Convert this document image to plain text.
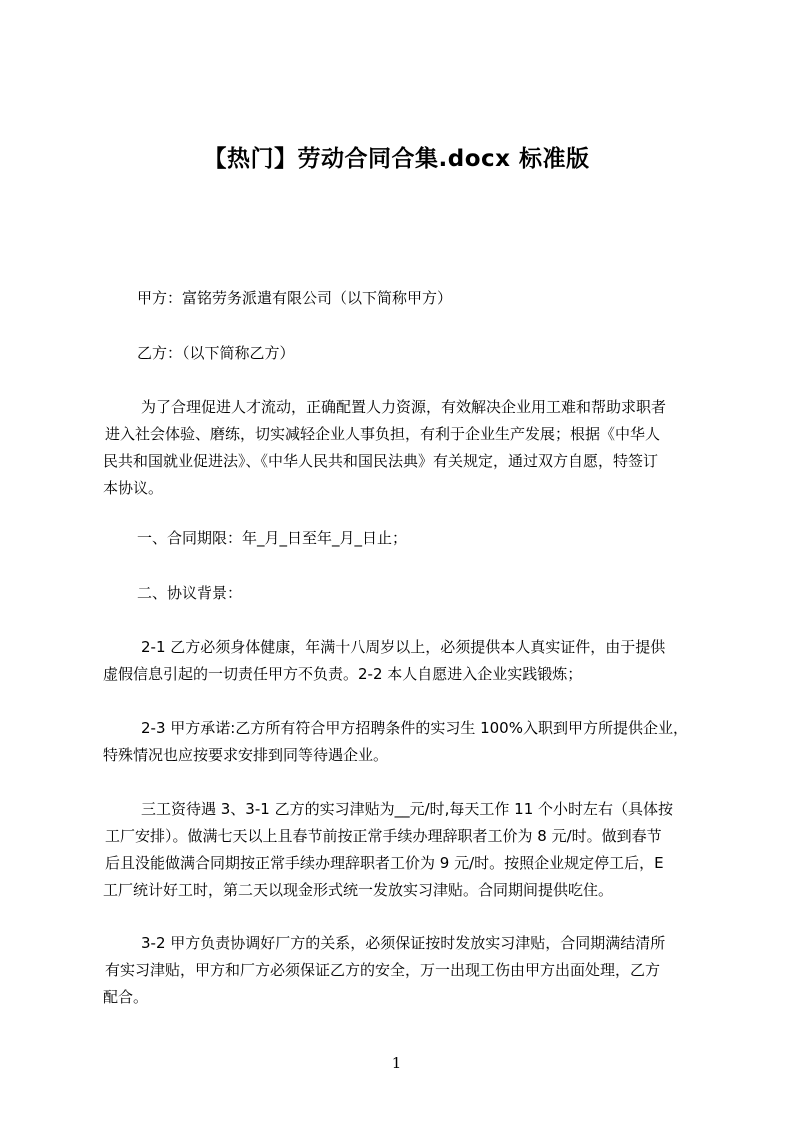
【热门】劳动合同合集.docx 标准版
甲方：富铭劳务派遣有限公司（以下简称甲方）
乙方：（以下简称乙方）
为了合理促进人才流动，正确配置人力资源，有效解决企业用工难和帮助求职者
进入社会体验、磨练，切实减轻企业人事负担，有利于企业生产发展；根据《中华人
民共和国就业促进法》、《中华人民共和国民法典》有关规定，通过双方自愿，特签订
本协议。
一、合同期限：年_月_日至年_月_日止；
二、协议背景：
2-1 乙方必须身体健康，年满十八周岁以上，必须提供本人真实证件，由于提供
虚假信息引起的一切责任甲方不负责。2-2 本人自愿进入企业实践锻炼；
2-3 甲方承诺:乙方所有符合甲方招聘条件的实习生 100%入职到甲方所提供企业，
特殊情况也应按要求安排到同等待遇企业。
三工资待遇 3、3-1 乙方的实习津贴为__元/时,每天工作 11 个小时左右（具体按
工厂安排）。做满七天以上且春节前按正常手续办理辞职者工价为 8 元/时。做到春节
后且没能做满合同期按正常手续办理辞职者工价为 9 元/时。按照企业规定停工后，E
工厂统计好工时，第二天以现金形式统一发放实习津贴。合同期间提供吃住。
3-2 甲方负责协调好厂方的关系，必须保证按时发放实习津贴，合同期满结清所
有实习津贴，甲方和厂方必须保证乙方的安全，万一出现工伤由甲方出面处理，乙方
配合。
1
